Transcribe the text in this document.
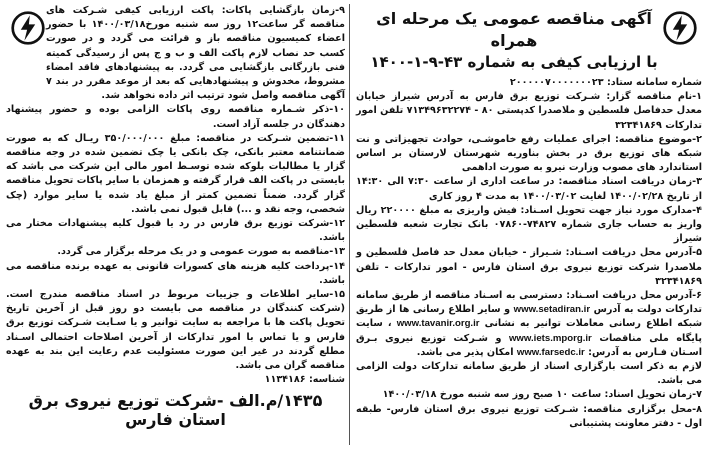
آگهی مناقصه عمومی یک مرحله ای همراه
با ارزیابی کیفی به شماره ۴۳-۹-۱-۱۴۰۰

شماره سامانه ستاد: ۲۰۰۰۰۰۷۰۰۰۰۰۰۰۲۳

۱-نام مناقصه گزار: شـرکت توزیع برق فارس به آدرس شیراز خیابان معدل حدفاصل فلسطین و ملاصدرا کدپستی ۸۰ - ۷۱۳۴۹۶۳۲۲۷۴ تلفن امور تدارکات ۳۲۳۴۱۸۶۹

۲-موضوع مناقصه: اجرای عملیات رفع خاموشـی، حوادث تجهیزاتی و نت شبکه های توزیع برق در بخش بناوریه شهرستان لارستان بر اساس استاندارد های مصوب وزارت نیرو به صورت اداهمی

۳-زمان دریافت اسناد مناقصه: در ساعت اداری از ساعت ۷:۳۰ الی ۱۴:۳۰ از تاریخ ۱۴۰۰/۰۲/۲۸ لغایت ۱۴۰۰/۰۳/۰۲ به مدت ۴ روز کاری

۴-مدارک مورد نیاز جهت تحویل اسـناد: فیش واریزی به مبلغ ۲۲۰۰۰۰ ریال واریز به حساب جاری شماره ۷۴۸۲۷-۰۷۸۶۰ بانک تجارت شعبه فلسطین شیراز

۵-آدرس محل دریافت اسـناد: شـیراز - خیابان معدل حد فاصل فلسطین و ملاصدرا شرکت توزیع نیروی برق استان فارس - امور تدارکات - تلفن ۳۲۳۴۱۸۶۹

۶-آدرس محل دریافت اسـناد: دسترسی به اسـناد مناقصه از طریق سامانه تدارکات دولت به آدرس www.setadiran.ir و سایر اطلاع رسانی ها از طریق شبکه اطلاع رسانی معاملات توانیر به نشانی www.tavanir.org.ir ، سایت پایگاه ملی مناقصات www.iets.mporg.ir و شـرکت توزیع نیروی بـرق اسـتان فـارس به آدرس: www.farsedc.ir امکان پذیر می باشد.

لازم به ذکر است بارگزاری اسناد از طریق سامانه تدارکات دولت الزامی می باشد.

۷-زمان تحویل اسناد: ساعت ۱۰ صبح روز سه شنبه مورخ ۱۴۰۰/۰۳/۱۸

۸-محل برگزاری مناقصه: شـرکت توزیع نیروی برق استان فارس- طبقه اول - دفتر معاونت پشتیبانی

۹-زمان بازگشایی پاکات: پاکت ارزیابی کیفی شـرکت های مناقصه گر ساعت۱۲ روز سه شنبه مورخ۱۴۰۰/۰۳/۱۸ با حضور اعضاء کمیسیون مناقصه باز و قرائت می گردد و در صورت کسب حد نصاب لازم پاکت الف و ب و ج پس از رسیدگی کمیته فنی بازرگانی بازگشایی می گردد. به پیشنهادهای فاقد امضاء مشروط، مخدوش و پیشنهادهایی که بعد از موعد مقرر در بند ۷ آگهی مناقصه واصل شود ترتیب اثر داده نخواهد شد.

۱۰-ذکر شـماره مناقصه روی پاکات الزامی بوده و حضور پیشنهاد دهندگان در جلسه آزاد است.

۱۱-تضمین شـرکت در مناقصه: مبلغ ۳۵۰/۰۰۰/۰۰۰ ریـال که به صورت ضمانتنامه معتبر بانکی، چک بانکی یا چک تضمین شده در وجه مناقصه گزار یا مطالبات بلوکه شده توسـط امور مالی این شرکت می باشد که بایستی در پاکت الف قرار گرفته و همزمان با سایر پاکات تحویل مناقصه گزار گردد. ضمناً تضمین کمتر از مبلغ یاد شده یا سایر موارد (چک شخصی، وجه نقد و ...) قابل قبول نمی باشد.

۱۲-شرکت توزیع برق فارس در رد یا قبول کلیه پیشنهادات مختار می باشد.

۱۳-مناقصه به صورت عمومی و در یک مرحله برگزار می گردد.

۱۴-پرداخت کلیه هزینه های کسورات قانونی به عهده برنده مناقصه می باشد.

۱۵-سایر اطلاعات و جزییات مربوط در اسناد مناقصه مندرج است. (شرکت کنندگان در مناقصه می بایست دو روز قبل از آخرین تاریخ تحویل پاکت ها با مراجعه به سایت توانیر و یا سـایت شـرکت توزیع برق فارس و یا تماس با امور تدارکات از آخرین اصلاحات احتمالی اسـناد مطلع گردند در غیر این صورت مسئولیت عدم رعایت این بند به عهده مناقصه گران می باشد.

شناسه: ۱۱۳۴۱۸۶

۱۴۳۵/م.الف -شرکت توزیع نیروی برق استان فارس
